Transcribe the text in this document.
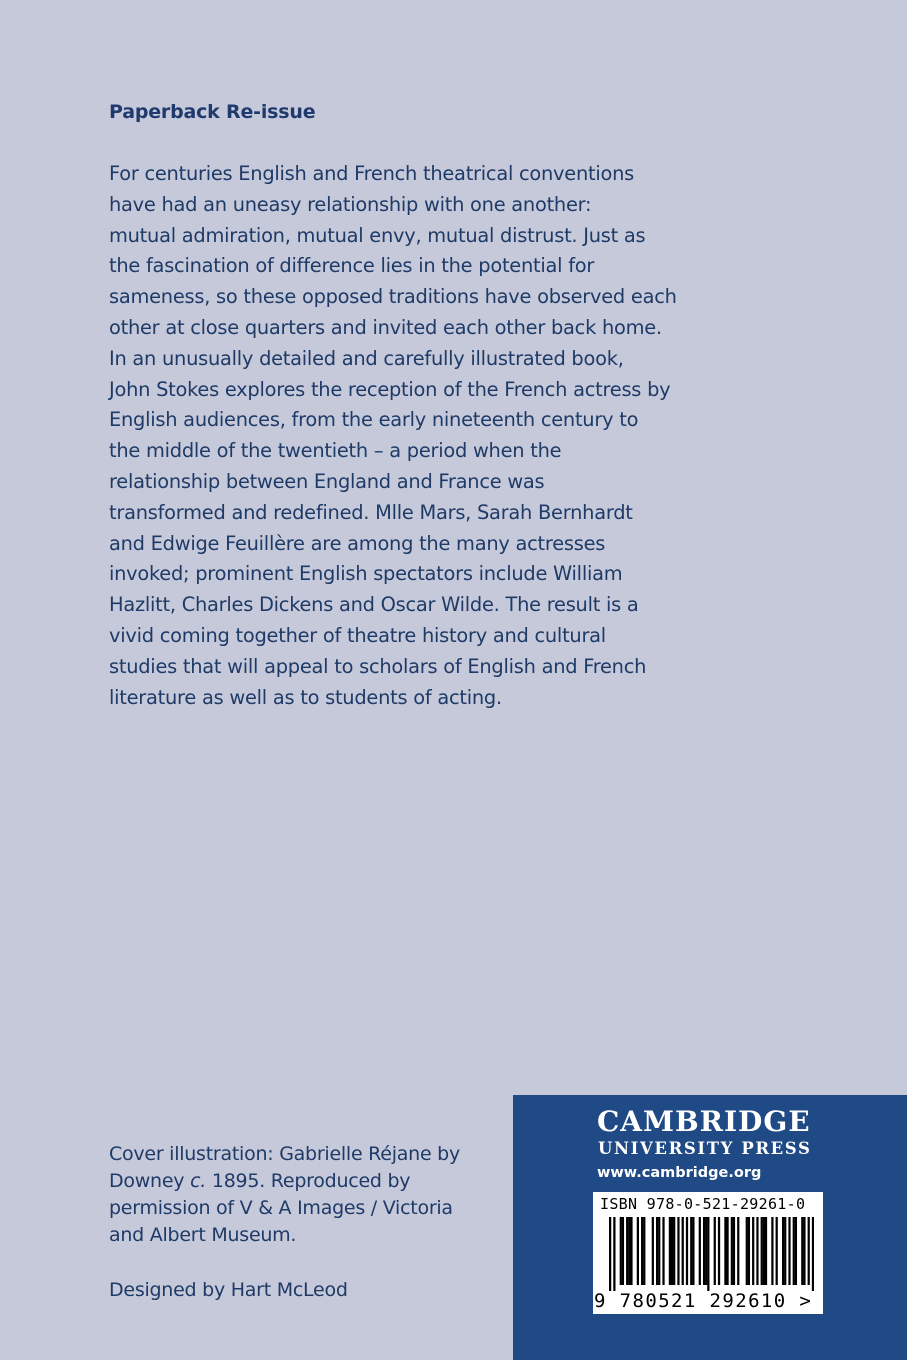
Paperback Re-issue
For centuries English and French theatrical conventions
have had an uneasy relationship with one another:
mutual admiration, mutual envy, mutual distrust. Just as
the fascination of difference lies in the potential for
sameness, so these opposed traditions have observed each
other at close quarters and invited each other back home.
In an unusually detailed and carefully illustrated book,
John Stokes explores the reception of the French actress by
English audiences, from the early nineteenth century to
the middle of the twentieth – a period when the
relationship between England and France was
transformed and redefined. Mlle Mars, Sarah Bernhardt
and Edwige Feuillère are among the many actresses
invoked; prominent English spectators include William
Hazlitt, Charles Dickens and Oscar Wilde. The result is a
vivid coming together of theatre history and cultural
studies that will appeal to scholars of English and French
literature as well as to students of acting.
Cover illustration: Gabrielle Réjane by
Downey c. 1895. Reproduced by
permission of V & A Images / Victoria
and Albert Museum.
Designed by Hart McLeod
CAMBRIDGE
UNIVERSITY PRESS
www.cambridge.org
ISBN 978-0-521-29261-0
9 780521 292610 >
